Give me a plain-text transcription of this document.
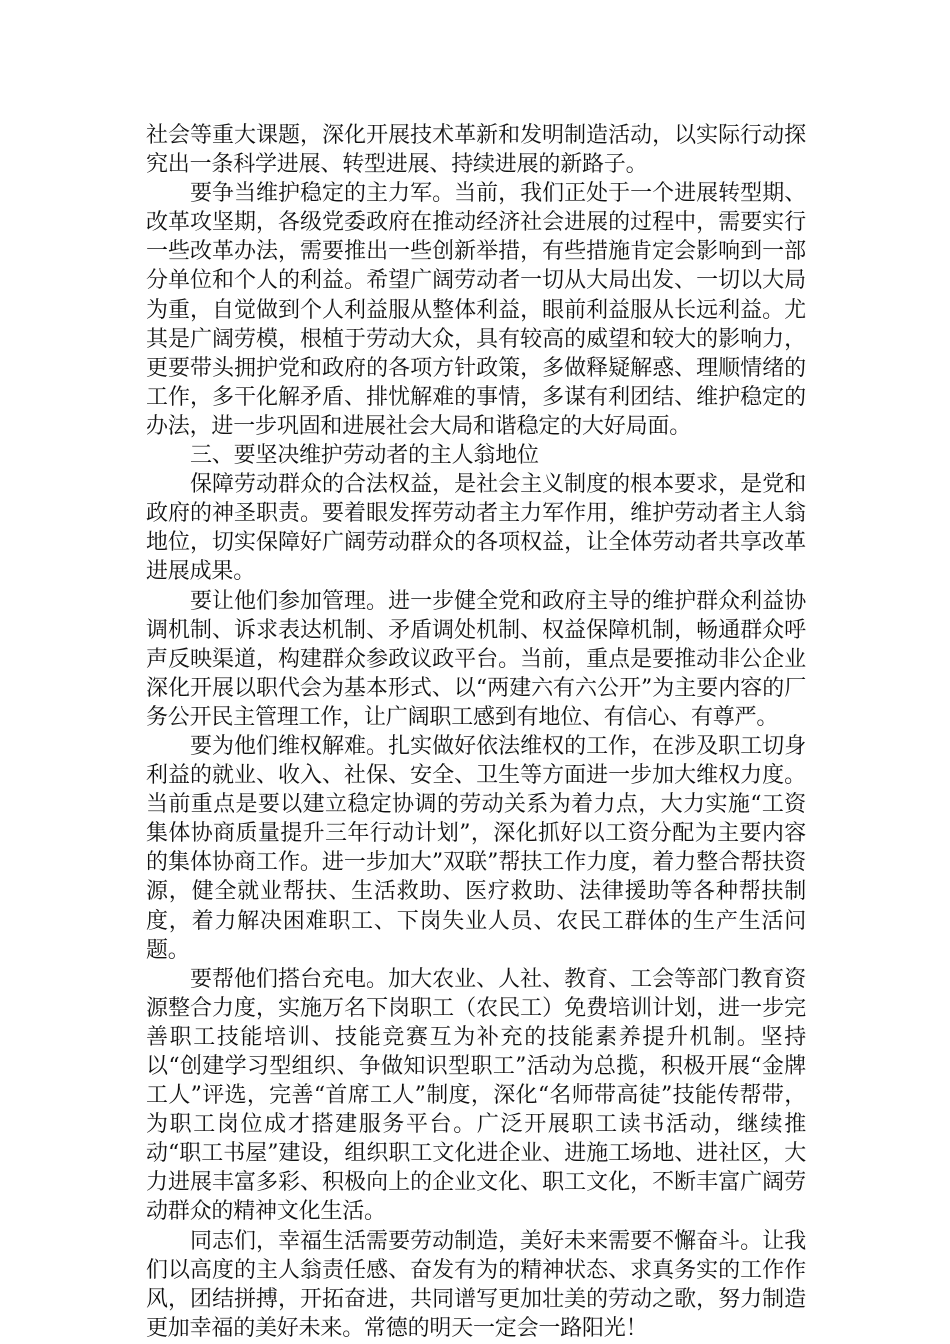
社会等重大课题，深化开展技术革新和发明制造活动，以实际行动探究出一条科学进展、转型进展、持续进展的新路子。

要争当维护稳定的主力军。当前，我们正处于一个进展转型期、改革攻坚期，各级党委政府在推动经济社会进展的过程中，需要实行一些改革办法，需要推出一些创新举措，有些措施肯定会影响到一部分单位和个人的利益。希望广阔劳动者一切从大局出发、一切以大局为重，自觉做到个人利益服从整体利益，眼前利益服从长远利益。尤其是广阔劳模，根植于劳动大众，具有较高的威望和较大的影响力，更要带头拥护党和政府的各项方针政策，多做释疑解惑、理顺情绪的工作，多干化解矛盾、排忧解难的事情，多谋有利团结、维护稳定的办法，进一步巩固和进展社会大局和谐稳定的大好局面。

三、要坚决维护劳动者的主人翁地位

保障劳动群众的合法权益，是社会主义制度的根本要求，是党和政府的神圣职责。要着眼发挥劳动者主力军作用，维护劳动者主人翁地位，切实保障好广阔劳动群众的各项权益，让全体劳动者共享改革进展成果。

要让他们参加管理。进一步健全党和政府主导的维护群众利益协调机制、诉求表达机制、矛盾调处机制、权益保障机制，畅通群众呼声反映渠道，构建群众参政议政平台。当前，重点是要推动非公企业深化开展以职代会为基本形式、以“两建六有六公开”为主要内容的厂务公开民主管理工作，让广阔职工感到有地位、有信心、有尊严。

要为他们维权解难。扎实做好依法维权的工作，在涉及职工切身利益的就业、收入、社保、安全、卫生等方面进一步加大维权力度。当前重点是要以建立稳定协调的劳动关系为着力点，大力实施“工资集体协商质量提升三年行动计划”，深化抓好以工资分配为主要内容的集体协商工作。进一步加大”双联”帮扶工作力度，着力整合帮扶资源，健全就业帮扶、生活救助、医疗救助、法律援助等各种帮扶制度，着力解决困难职工、下岗失业人员、农民工群体的生产生活问题。

要帮他们搭台充电。加大农业、人社、教育、工会等部门教育资源整合力度，实施万名下岗职工（农民工）免费培训计划，进一步完善职工技能培训、技能竞赛互为补充的技能素养提升机制。坚持以“创建学习型组织、争做知识型职工”活动为总揽，积极开展“金牌工人”评选，完善“首席工人”制度，深化“名师带高徒”技能传帮带，为职工岗位成才搭建服务平台。广泛开展职工读书活动，继续推动“职工书屋”建设，组织职工文化进企业、进施工场地、进社区，大力进展丰富多彩、积极向上的企业文化、职工文化，不断丰富广阔劳动群众的精神文化生活。

同志们，幸福生活需要劳动制造，美好未来需要不懈奋斗。让我们以高度的主人翁责任感、奋发有为的精神状态、求真务实的工作作风，团结拼搏，开拓奋进，共同谱写更加壮美的劳动之歌，努力制造更加幸福的美好未来。常德的明天一定会一路阳光！
